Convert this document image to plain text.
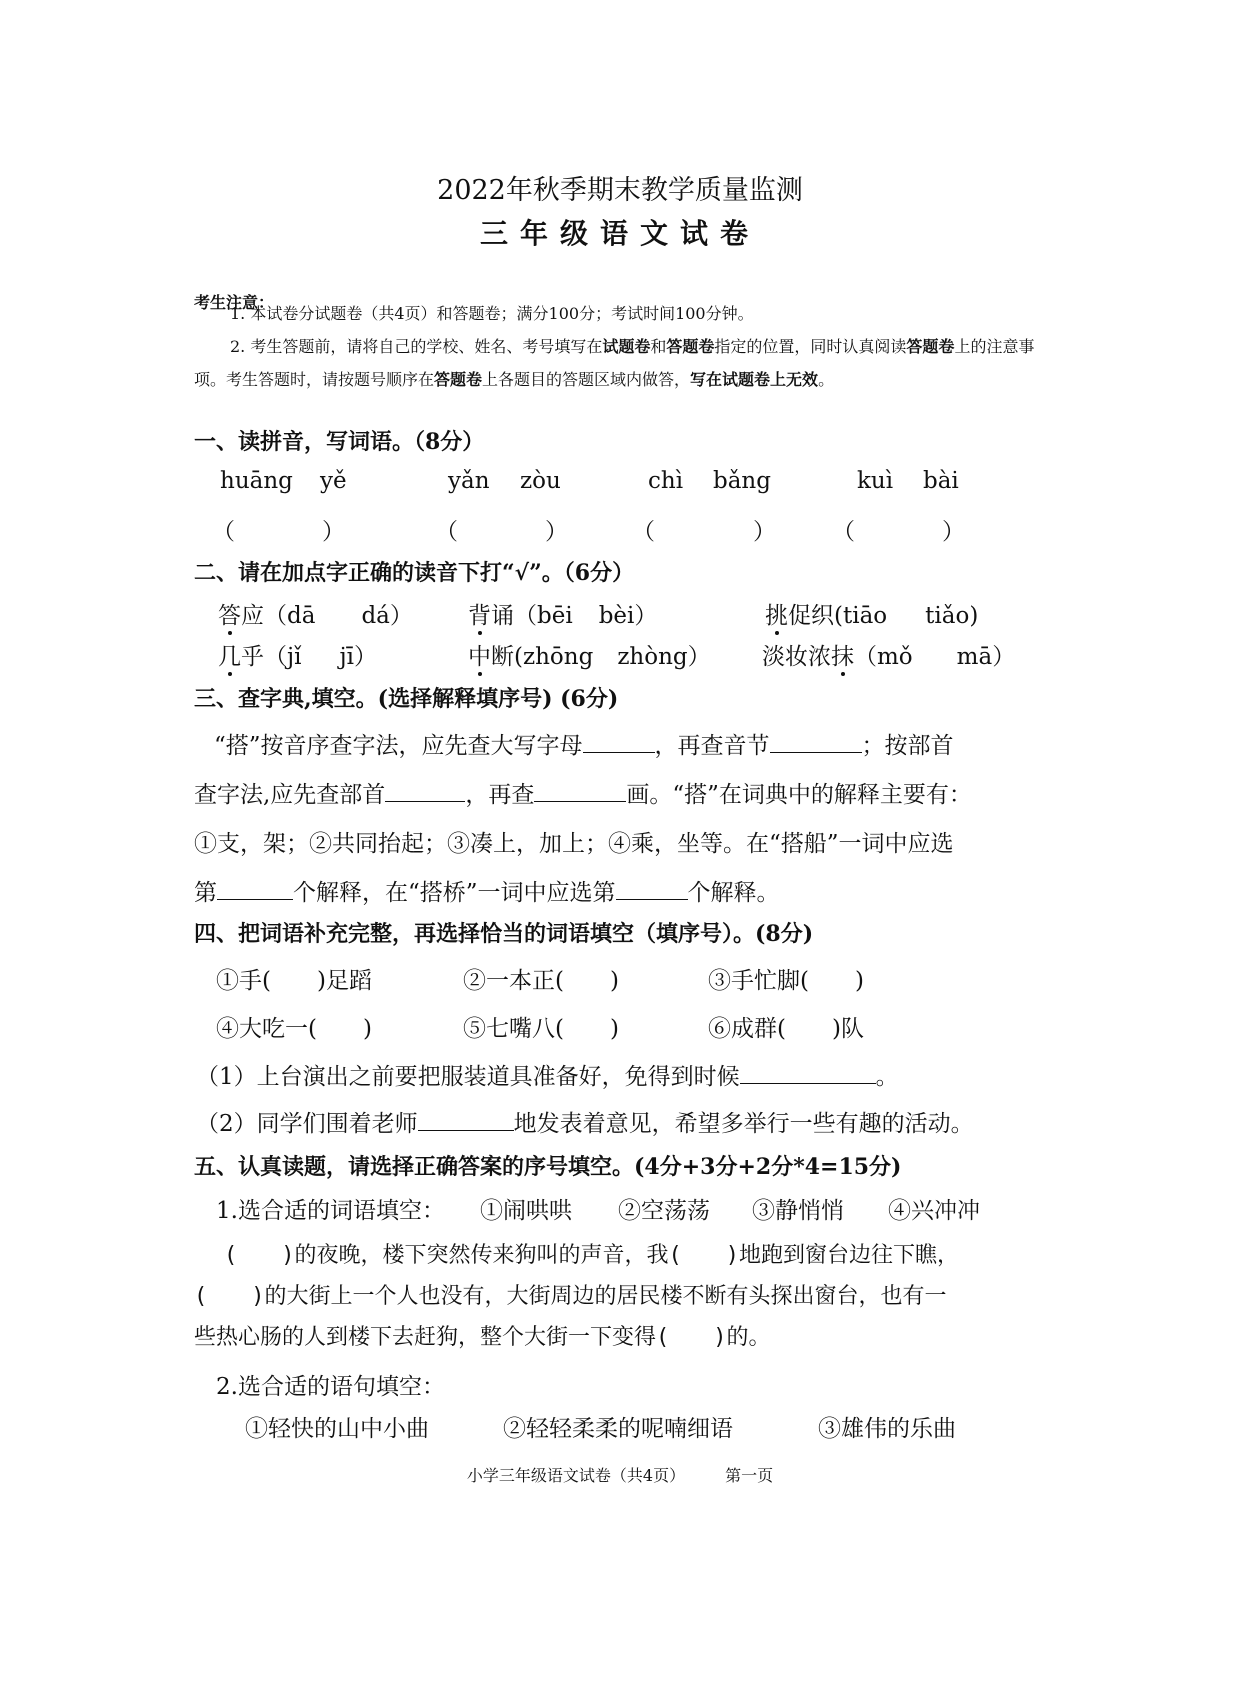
2022年秋季期末教学质量监测
三年级语文试卷
考生注意：

1. 本试卷分试题卷（共4页）和答题卷；满分100分；考试时间100分钟。

2. 考生答题前，请将自己的学校、姓名、考号填写在试题卷和答题卷指定的位置，同时认真阅读答题卷上的注意事项。考生答题时，请按题号顺序在答题卷上各题目的答题区域内做答，写在试题卷上无效。

一、读拼音，写词语。（8分）
huāng yě	yǎn zòu	chì bǎng	kuì bài
（	）	（	）	（	） （	）
二、请在加点字正确的读音下打“√”。（6分）
答应（dā dá） 背诵（bēi bèi）	挑促织(tiāo tiǎo)
几乎（jǐ jī）	中断(zhōng zhòng） 淡妆浓抹（mǒ mā）
三、查字典,填空。(选择解释填序号) (6分)

“搭”按音序查字法，应先查大写字母	，再查音节	；按部首

查字法,应先查部首	，再查	画。“搭”在词典中的解释主要有：

①支，架；②共同抬起；③凑上，加上；④乘，坐等。在“搭船”一词中应选

第	个解释，在“搭桥”一词中应选第	个解释。

四、把词语补充完整，再选择恰当的词语填空（填序号）。(8分)
①手(　　)足蹈	②一本正(　　)	③手忙脚(　　)
④大吃一(　　)	⑤七嘴八(　　)	⑥成群(　　)队
（1）上台演出之前要把服装道具准备好，免得到时候	。
（2）同学们围着老师	地发表着意见，希望多举行一些有趣的活动。
五、认真读题，请选择正确答案的序号填空。(4分+3分+2分*4=15分)
1.选合适的词语填空： ①闹哄哄 ②空荡荡 ③静悄悄 ④兴冲冲

(　　)的夜晚，楼下突然传来狗叫的声音，我(　　)地跑到窗台边往下瞧，

(　　)的大街上一个人也没有，大街周边的居民楼不断有头探出窗台，也有一

些热心肠的人到楼下去赶狗，整个大街一下变得(　　)的。

2.选合适的语句填空：
①轻快的山中小曲	②轻轻柔柔的呢喃细语	③雄伟的乐曲
小学三年级语文试卷（共4页）	第一页
